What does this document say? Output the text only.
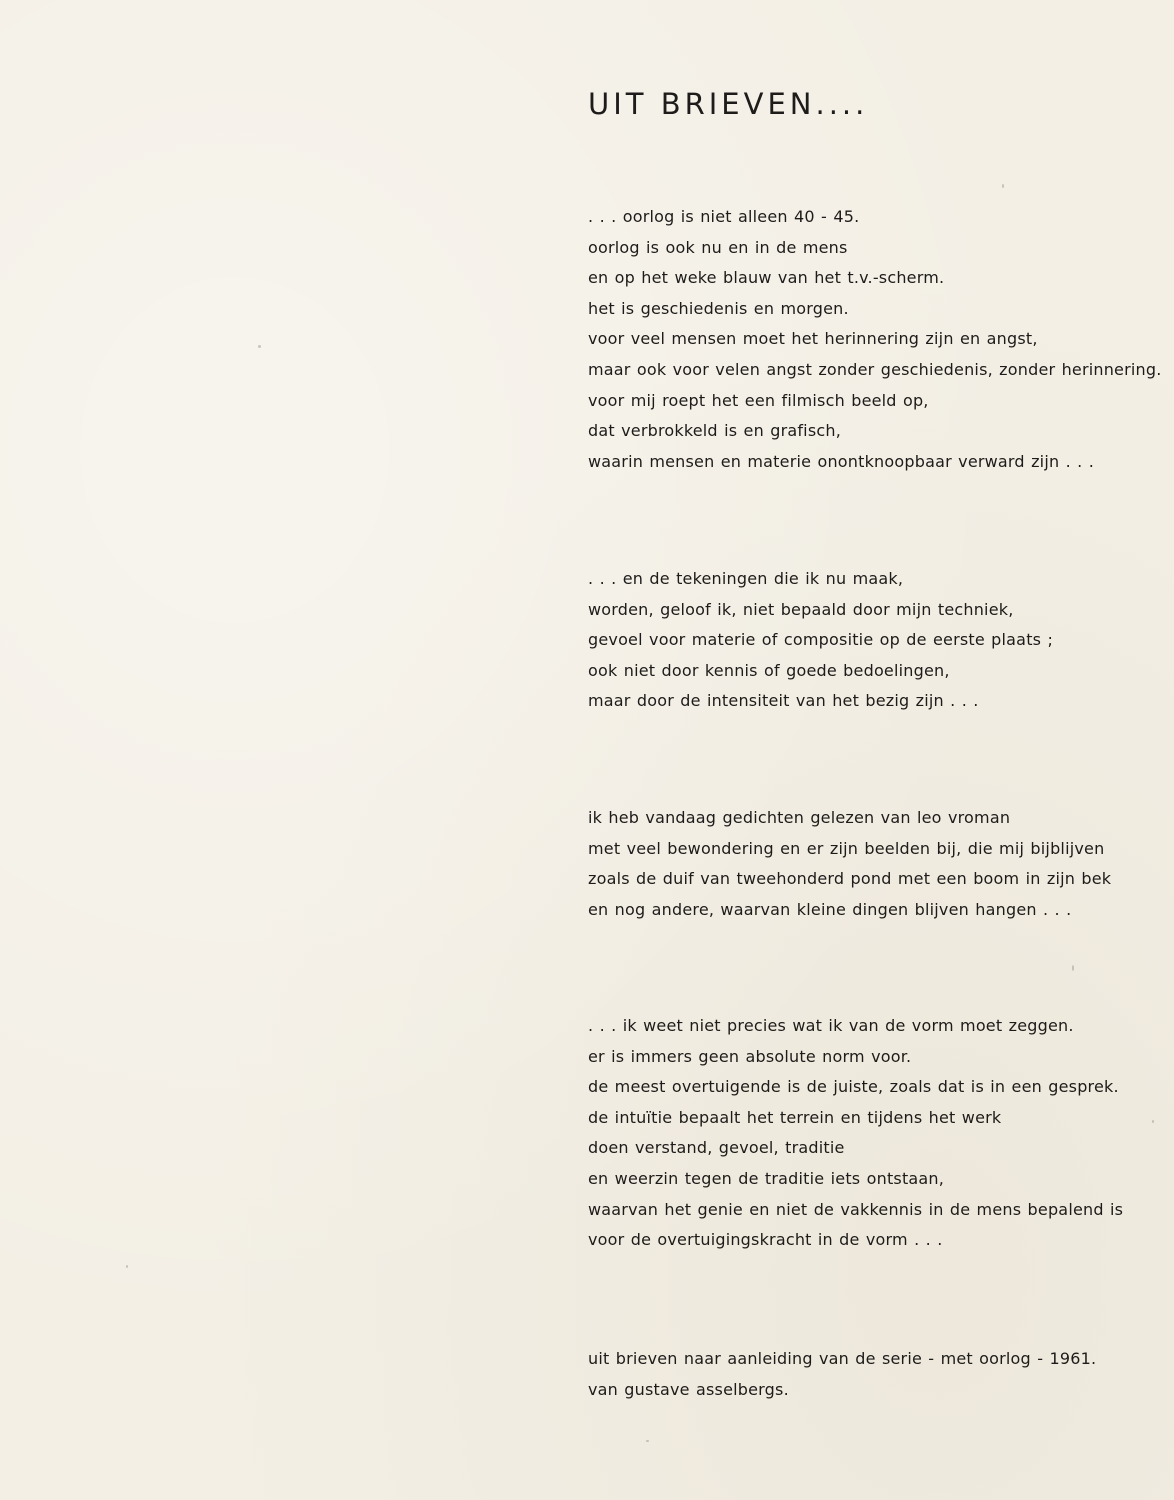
UIT BRIEVEN....
. . . oorlog is niet alleen 40 - 45.
oorlog is ook nu en in de mens
en op het weke blauw van het t.v.-scherm.
het is geschiedenis en morgen.
voor veel mensen moet het herinnering zijn en angst,
maar ook voor velen angst zonder geschiedenis, zonder herinnering.
voor mij roept het een filmisch beeld op,
dat verbrokkeld is en grafisch,
waarin mensen en materie onontknoopbaar verward zijn . . .
. . . en de tekeningen die ik nu maak,
worden, geloof ik, niet bepaald door mijn techniek,
gevoel voor materie of compositie op de eerste plaats ;
ook niet door kennis of goede bedoelingen,
maar door de intensiteit van het bezig zijn . . .
ik heb vandaag gedichten gelezen van leo vroman
met veel bewondering en er zijn beelden bij, die mij bijblijven
zoals de duif van tweehonderd pond met een boom in zijn bek
en nog andere, waarvan kleine dingen blijven hangen . . .
. . . ik weet niet precies wat ik van de vorm moet zeggen.
er is immers geen absolute norm voor.
de meest overtuigende is de juiste, zoals dat is in een gesprek.
de intuïtie bepaalt het terrein en tijdens het werk
doen verstand, gevoel, traditie
en weerzin tegen de traditie iets ontstaan,
waarvan het genie en niet de vakkennis in de mens bepalend is
voor de overtuigingskracht in de vorm . . .
uit brieven naar aanleiding van de serie - met oorlog - 1961.
van gustave asselbergs.
